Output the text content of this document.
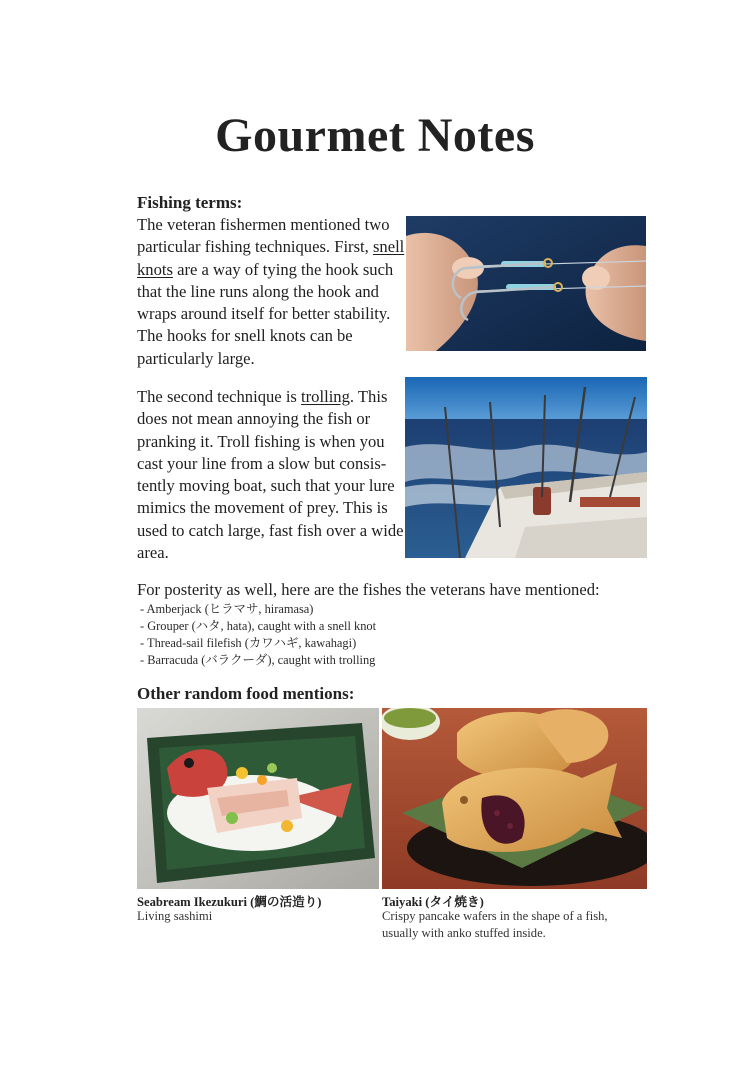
Gourmet Notes
Fishing terms:
The veteran fishermen mentioned two particular fishing techniques. First, snell knots are a way of tying the hook such that the line runs along the hook and wraps around itself for better stability. The hooks for snell knots can be particularly large.
The second technique is trolling. This does not mean annoying the fish or pranking it. Troll fishing is when you cast your line from a slow but consis-tently moving boat, such that your lure mimics the movement of prey. This is used to catch large, fast fish over a wide area.
For posterity as well, here are the fishes the veterans have mentioned:
- Amberjack (ヒラマサ, hiramasa)
- Grouper (ハタ, hata), caught with a snell knot
- Thread-sail filefish (カワハギ, kawahagi)
- Barracuda (バラクーダ), caught with trolling
Other random food mentions:
Seabream Ikezukuri (鯛の活造り)
Living sashimi
Taiyaki (タイ焼き)
Crispy pancake wafers in the shape of a fish, usually with anko stuffed inside.
